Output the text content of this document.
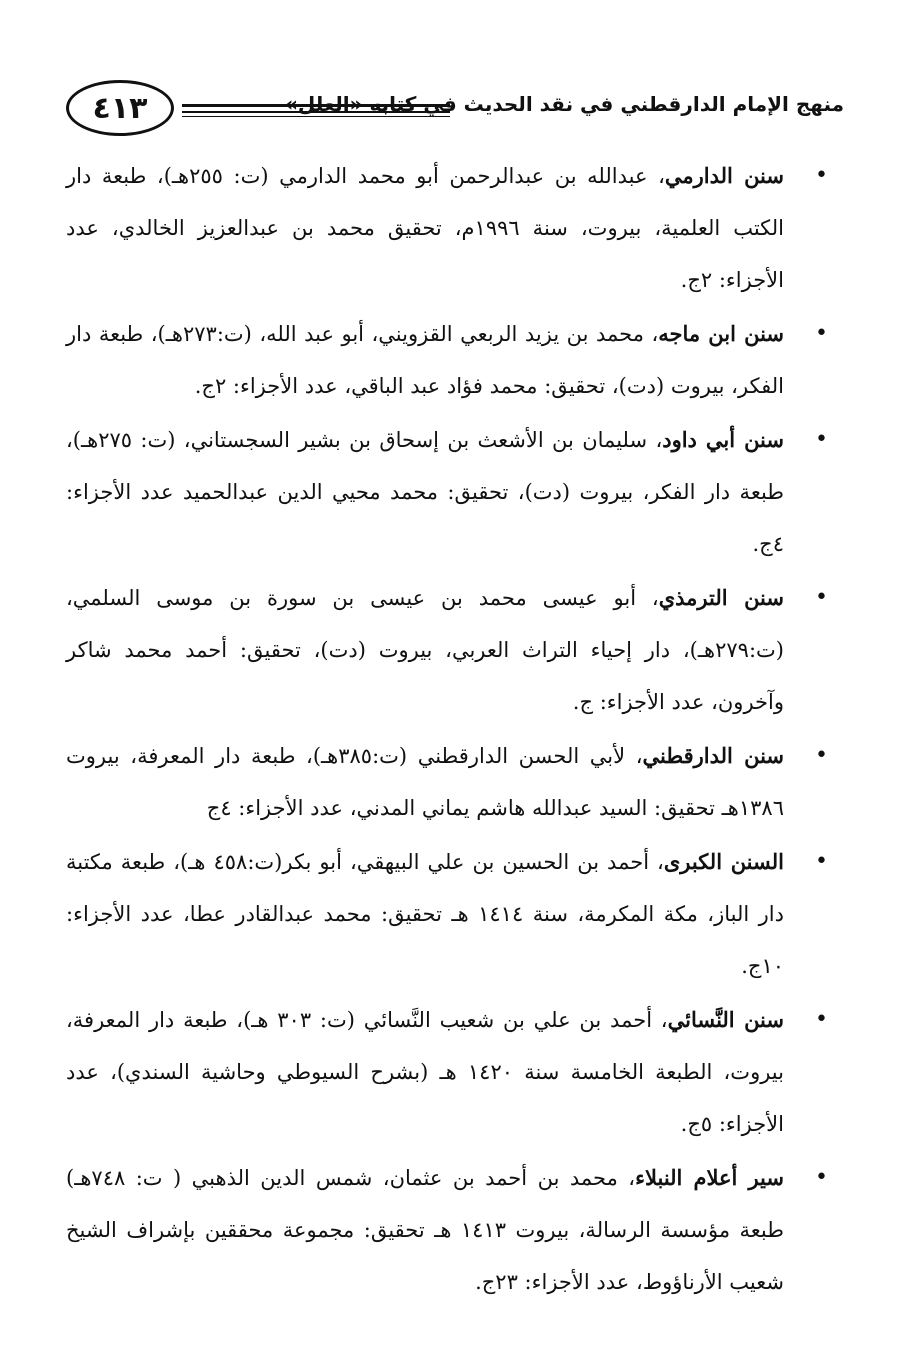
٤١٣	منهج الإمام الدارقطني في نقد الحديث في كتابه «العلل»
•
سنن الدارمي، عبدالله بن عبدالرحمن أبو محمد الدارمي (ت: ٢٥٥هـ)، طبعة دار الكتب العلمية، بيروت، سنة ١٩٩٦م، تحقيق محمد بن عبدالعزيز الخالدي، عدد الأجزاء: ٢ج.
•
سنن ابن ماجه، محمد بن يزيد الربعي القزويني، أبو عبد الله، (ت:٢٧٣هـ)، طبعة دار الفكر، بيروت (دت)، تحقيق: محمد فؤاد عبد الباقي، عدد الأجزاء: ٢ج.
•
سنن أبي داود، سليمان بن الأشعث بن إسحاق بن بشير السجستاني، (ت: ٢٧٥هـ)، طبعة دار الفكر، بيروت (دت)، تحقيق: محمد محيي الدين عبدالحميد عدد الأجزاء: ٤ج.
•
سنن الترمذي، أبو عيسى محمد بن عيسى بن سورة بن موسى السلمي، (ت:٢٧٩هـ)، دار إحياء التراث العربي، بيروت (دت)، تحقيق: أحمد محمد شاكر وآخرون، عدد الأجزاء: ج.
•
سنن الدارقطني، لأبي الحسن الدارقطني (ت:٣٨٥هـ)، طبعة دار المعرفة، بيروت ١٣٨٦هـ تحقيق: السيد عبدالله هاشم يماني المدني، عدد الأجزاء: ٤ج
•
السنن الكبرى، أحمد بن الحسين بن علي البيهقي، أبو بكر(ت:٤٥٨ هـ)، طبعة مكتبة دار الباز، مكة المكرمة، سنة ١٤١٤ هـ تحقيق: محمد عبدالقادر عطا، عدد الأجزاء: ١٠ج.
•
سنن النَّسائي، أحمد بن علي بن شعيب النَّسائي (ت: ٣٠٣ هـ)، طبعة دار المعرفة، بيروت، الطبعة الخامسة سنة ١٤٢٠ هـ (بشرح السيوطي وحاشية السندي)، عدد الأجزاء: ٥ج.
•
سير أعلام النبلاء، محمد بن أحمد بن عثمان، شمس الدين الذهبي ( ت: ٧٤٨هـ) طبعة مؤسسة الرسالة، بيروت ١٤١٣ هـ تحقيق: مجموعة محققين بإشراف الشيخ شعيب الأرناؤوط، عدد الأجزاء: ٢٣ج.
